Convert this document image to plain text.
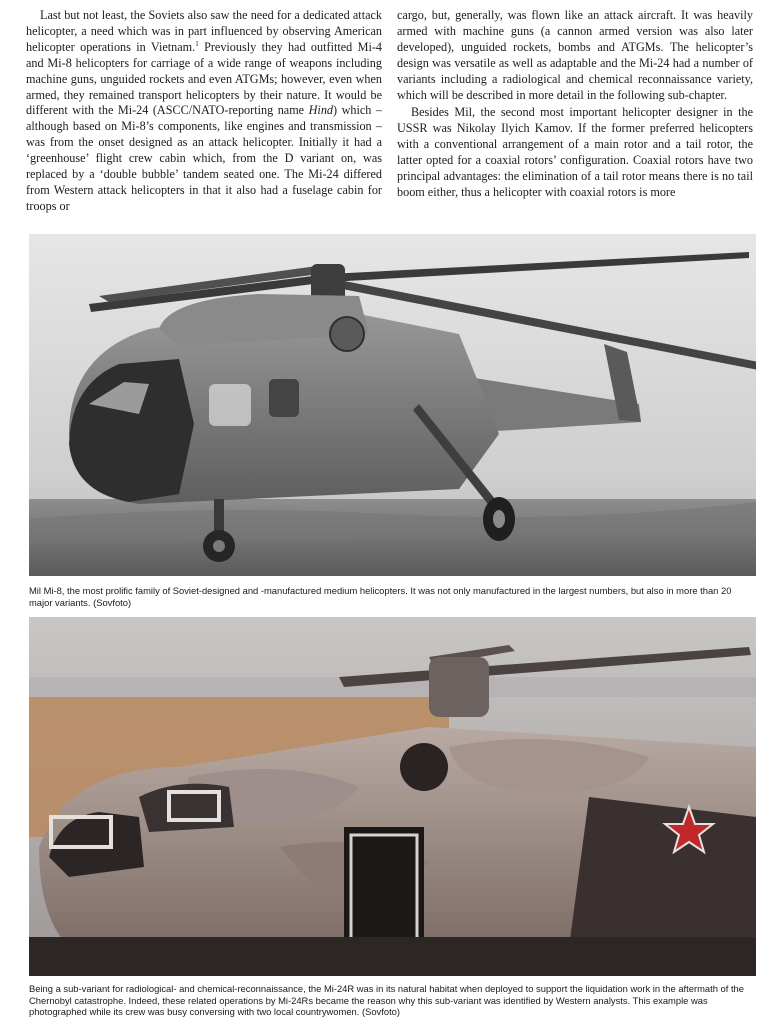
Last but not least, the Soviets also saw the need for a dedicated attack helicopter, a need which was in part influenced by observing American helicopter operations in Vietnam.$^1$ Previously they had outfitted Mi-4 and Mi-8 helicopters for carriage of a wide range of weapons including machine guns, unguided rockets and even ATGMs; however, even when armed, they remained transport helicopters by their nature. It would be different with the Mi-24 (ASCC/NATO-reporting name Hind) which – although based on Mi-8’s components, like engines and transmission – was from the onset designed as an attack helicopter. Initially it had a ‘greenhouse’ flight crew cabin which, from the D variant on, was replaced by a ‘double bubble’ tandem seated one. The Mi-24 differed from Western attack helicopters in that it also had a fuselage cabin for troops or

cargo, but, generally, was flown like an attack aircraft. It was heavily armed with machine guns (a cannon armed version was also later developed), unguided rockets, bombs and ATGMs. The helicopter’s design was versatile as well as adaptable and the Mi-24 had a number of variants including a radiological and chemical reconnaissance variety, which will be described in more detail in the following sub-chapter.

Besides Mil, the second most important helicopter designer in the USSR was Nikolay Ilyich Kamov. If the former preferred helicopters with a conventional arrangement of a main rotor and a tail rotor, the latter opted for a coaxial rotors’ configuration. Coaxial rotors have two principal advantages: the elimination of a tail rotor means there is no tail boom either, thus a helicopter with coaxial rotors is more

Mil Mi-8, the most prolific family of Soviet-designed and -manufactured medium helicopters. It was not only manufactured in the largest numbers, but also in more than 20 major variants. (Sovfoto)
Being a sub-variant for radiological- and chemical-reconnaissance, the Mi-24R was in its natural habitat when deployed to support the liquidation work in the aftermath of the Chernobyl catastrophe. Indeed, these related operations by Mi-24Rs became the reason why this sub-variant was identified by Western analysts. This example was photographed while its crew was busy conversing with two local countrywomen. (Sovfoto)
